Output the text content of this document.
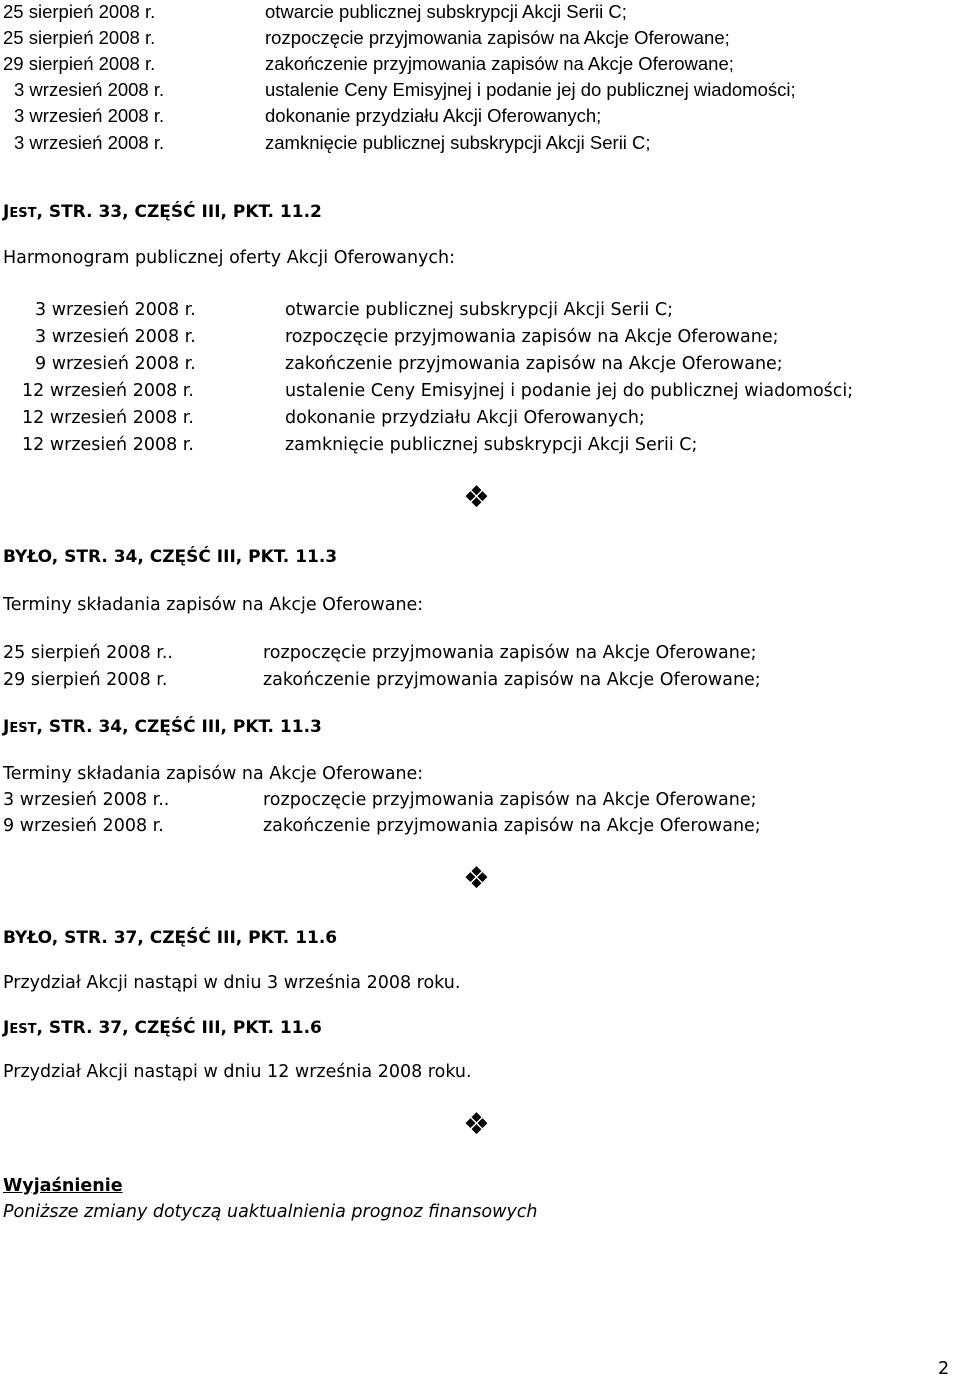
25 sierpień 2008 r.	otwarcie publicznej subskrypcji Akcji Serii C;
25 sierpień 2008 r.	rozpoczęcie przyjmowania zapisów na Akcje Oferowane;
29 sierpień 2008 r.	zakończenie przyjmowania zapisów na Akcje Oferowane;
3 wrzesień 2008 r.	ustalenie Ceny Emisyjnej i podanie jej do publicznej wiadomości;
3 wrzesień 2008 r.	dokonanie przydziału Akcji Oferowanych;
3 wrzesień 2008 r.	zamknięcie publicznej subskrypcji Akcji Serii C;
JEST, STR. 33, CZĘŚĆ III, PKT. 11.2
Harmonogram publicznej oferty Akcji Oferowanych:
3 wrzesień 2008 r.	otwarcie publicznej subskrypcji Akcji Serii C;
3 wrzesień 2008 r.	rozpoczęcie przyjmowania zapisów na Akcje Oferowane;
9 wrzesień 2008 r.	zakończenie przyjmowania zapisów na Akcje Oferowane;
12 wrzesień 2008 r.	ustalenie Ceny Emisyjnej i podanie jej do publicznej wiadomości;
12 wrzesień 2008 r.	dokonanie przydziału Akcji Oferowanych;
12 wrzesień 2008 r.	zamknięcie publicznej subskrypcji Akcji Serii C;
❖
BYŁO, STR. 34, CZĘŚĆ III, PKT. 11.3
Terminy składania zapisów na Akcje Oferowane:
25 sierpień 2008 r..	rozpoczęcie przyjmowania zapisów na Akcje Oferowane;
29 sierpień 2008 r.	zakończenie przyjmowania zapisów na Akcje Oferowane;
JEST, STR. 34, CZĘŚĆ III, PKT. 11.3
Terminy składania zapisów na Akcje Oferowane:
3 wrzesień 2008 r..	rozpoczęcie przyjmowania zapisów na Akcje Oferowane;
9 wrzesień 2008 r.	zakończenie przyjmowania zapisów na Akcje Oferowane;
❖
BYŁO, STR. 37, CZĘŚĆ III, PKT. 11.6
Przydział Akcji nastąpi w dniu 3 września 2008 roku.
JEST, STR. 37, CZĘŚĆ III, PKT. 11.6
Przydział Akcji nastąpi w dniu 12 września 2008 roku.
❖
Wyjaśnienie
Poniższe zmiany dotyczą uaktualnienia prognoz finansowych
2
